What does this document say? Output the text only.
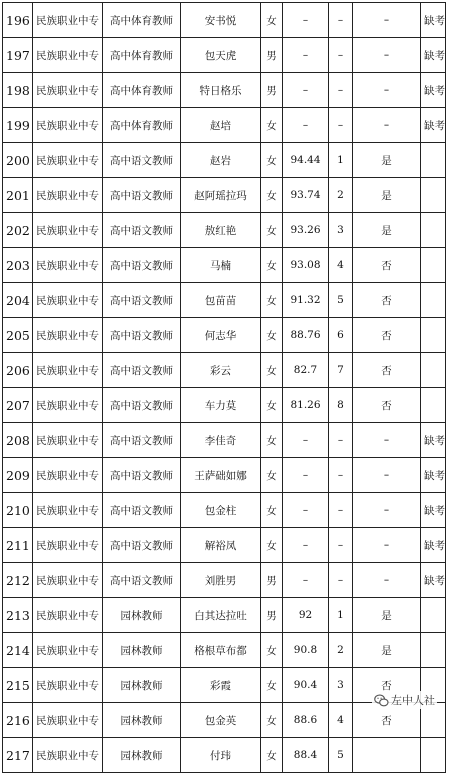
196	民族职业中专	高中体育教师	安书悦	女	–	–	–	缺考
197	民族职业中专	高中体育教师	包天虎	男	–	–	–	缺考
198	民族职业中专	高中体育教师	特日格乐	男	–	–	–	缺考
199	民族职业中专	高中体育教师	赵培	女	–	–	–	缺考
200	民族职业中专	高中语文教师	赵岩	女	94.44	1	是	
201	民族职业中专	高中语文教师	赵阿瑶拉玛	女	93.74	2	是	
202	民族职业中专	高中语文教师	敖红艳	女	93.26	3	是	
203	民族职业中专	高中语文教师	马楠	女	93.08	4	否	
204	民族职业中专	高中语文教师	包苗苗	女	91.32	5	否	
205	民族职业中专	高中语文教师	何志华	女	88.76	6	否	
206	民族职业中专	高中语文教师	彩云	女	82.7	7	否	
207	民族职业中专	高中语文教师	车力莫	女	81.26	8	否	
208	民族职业中专	高中语文教师	李佳奇	女	–	–	–	缺考
209	民族职业中专	高中语文教师	王萨础如娜	女	–	–	–	缺考
210	民族职业中专	高中语文教师	包金柱	女	–	–	–	缺考
211	民族职业中专	高中语文教师	解裕凤	女	–	–	–	缺考
212	民族职业中专	高中语文教师	刘胜男	男	–	–	–	缺考
213	民族职业中专	园林教师	白其达拉吐	男	92	1	是	
214	民族职业中专	园林教师	格根草布都	女	90.8	2	是	
215	民族职业中专	园林教师	彩霞	女	90.4	3	否	
216	民族职业中专	园林教师	包金英	女	88.6	4	否	
217	民族职业中专	园林教师	付玮	女	88.4	5		
左中人社
